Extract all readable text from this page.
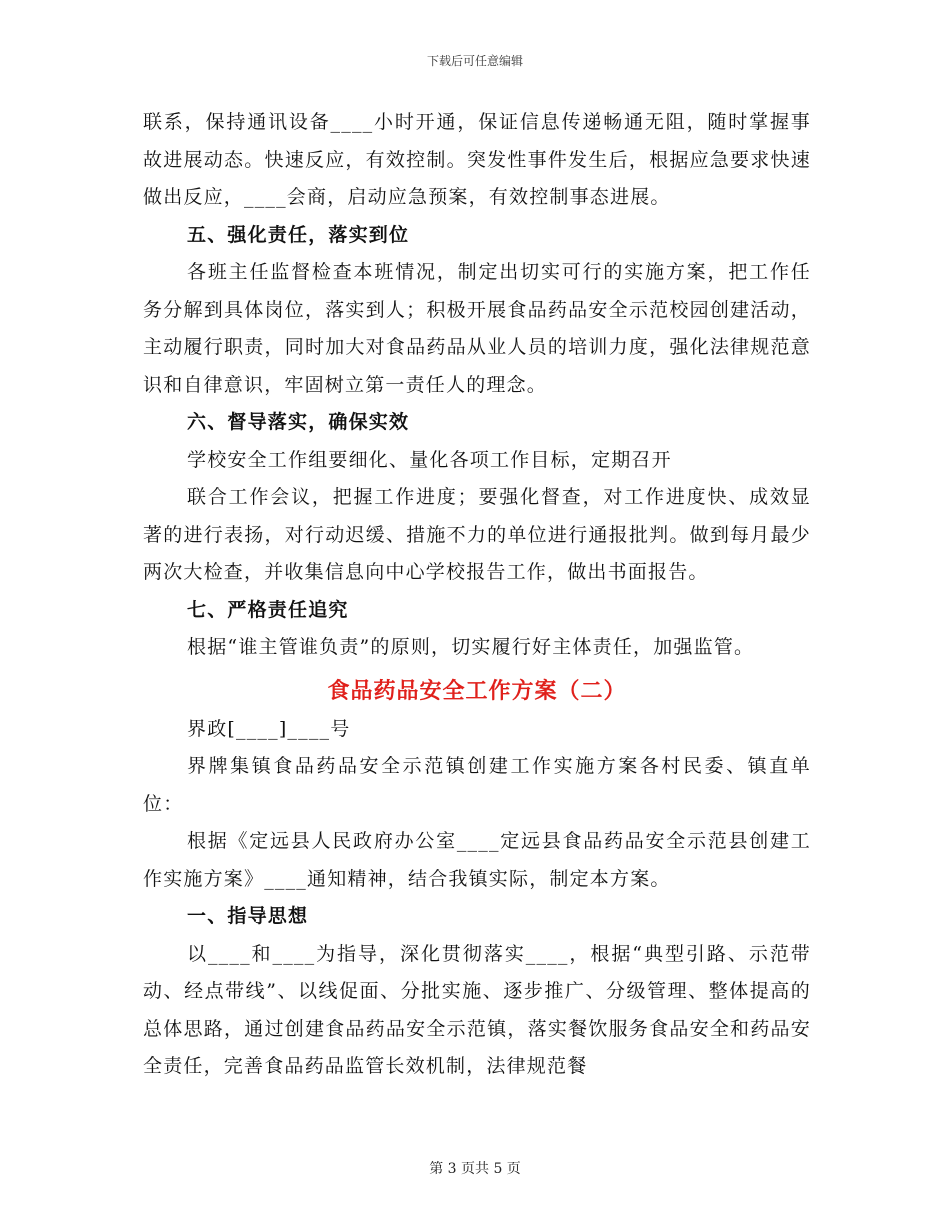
下载后可任意编辑

联系，保持通讯设备____小时开通，保证信息传递畅通无阻，随时掌握事故进展动态。快速反应，有效控制。突发性事件发生后，根据应急要求快速做出反应，____会商，启动应急预案，有效控制事态进展。

五、强化责任，落实到位

各班主任监督检查本班情况，制定出切实可行的实施方案，把工作任务分解到具体岗位，落实到人；积极开展食品药品安全示范校园创建活动，主动履行职责，同时加大对食品药品从业人员的培训力度，强化法律规范意识和自律意识，牢固树立第一责任人的理念。

六、督导落实，确保实效

学校安全工作组要细化、量化各项工作目标，定期召开

联合工作会议，把握工作进度；要强化督查，对工作进度快、成效显著的进行表扬，对行动迟缓、措施不力的单位进行通报批判。做到每月最少两次大检查，并收集信息向中心学校报告工作，做出书面报告。

七、严格责任追究

根据“谁主管谁负责”的原则，切实履行好主体责任，加强监管。

食品药品安全工作方案（二）

界政[____]____号

界牌集镇食品药品安全示范镇创建工作实施方案各村民委、镇直单位：

根据《定远县人民政府办公室____定远县食品药品安全示范县创建工作实施方案》____通知精神，结合我镇实际，制定本方案。

一、指导思想

以____和____为指导，深化贯彻落实____，根据“典型引路、示范带动、经点带线”、以线促面、分批实施、逐步推广、分级管理、整体提高的总体思路，通过创建食品药品安全示范镇，落实餐饮服务食品安全和药品安全责任，完善食品药品监管长效机制，法律规范餐

第 3 页共 5 页
